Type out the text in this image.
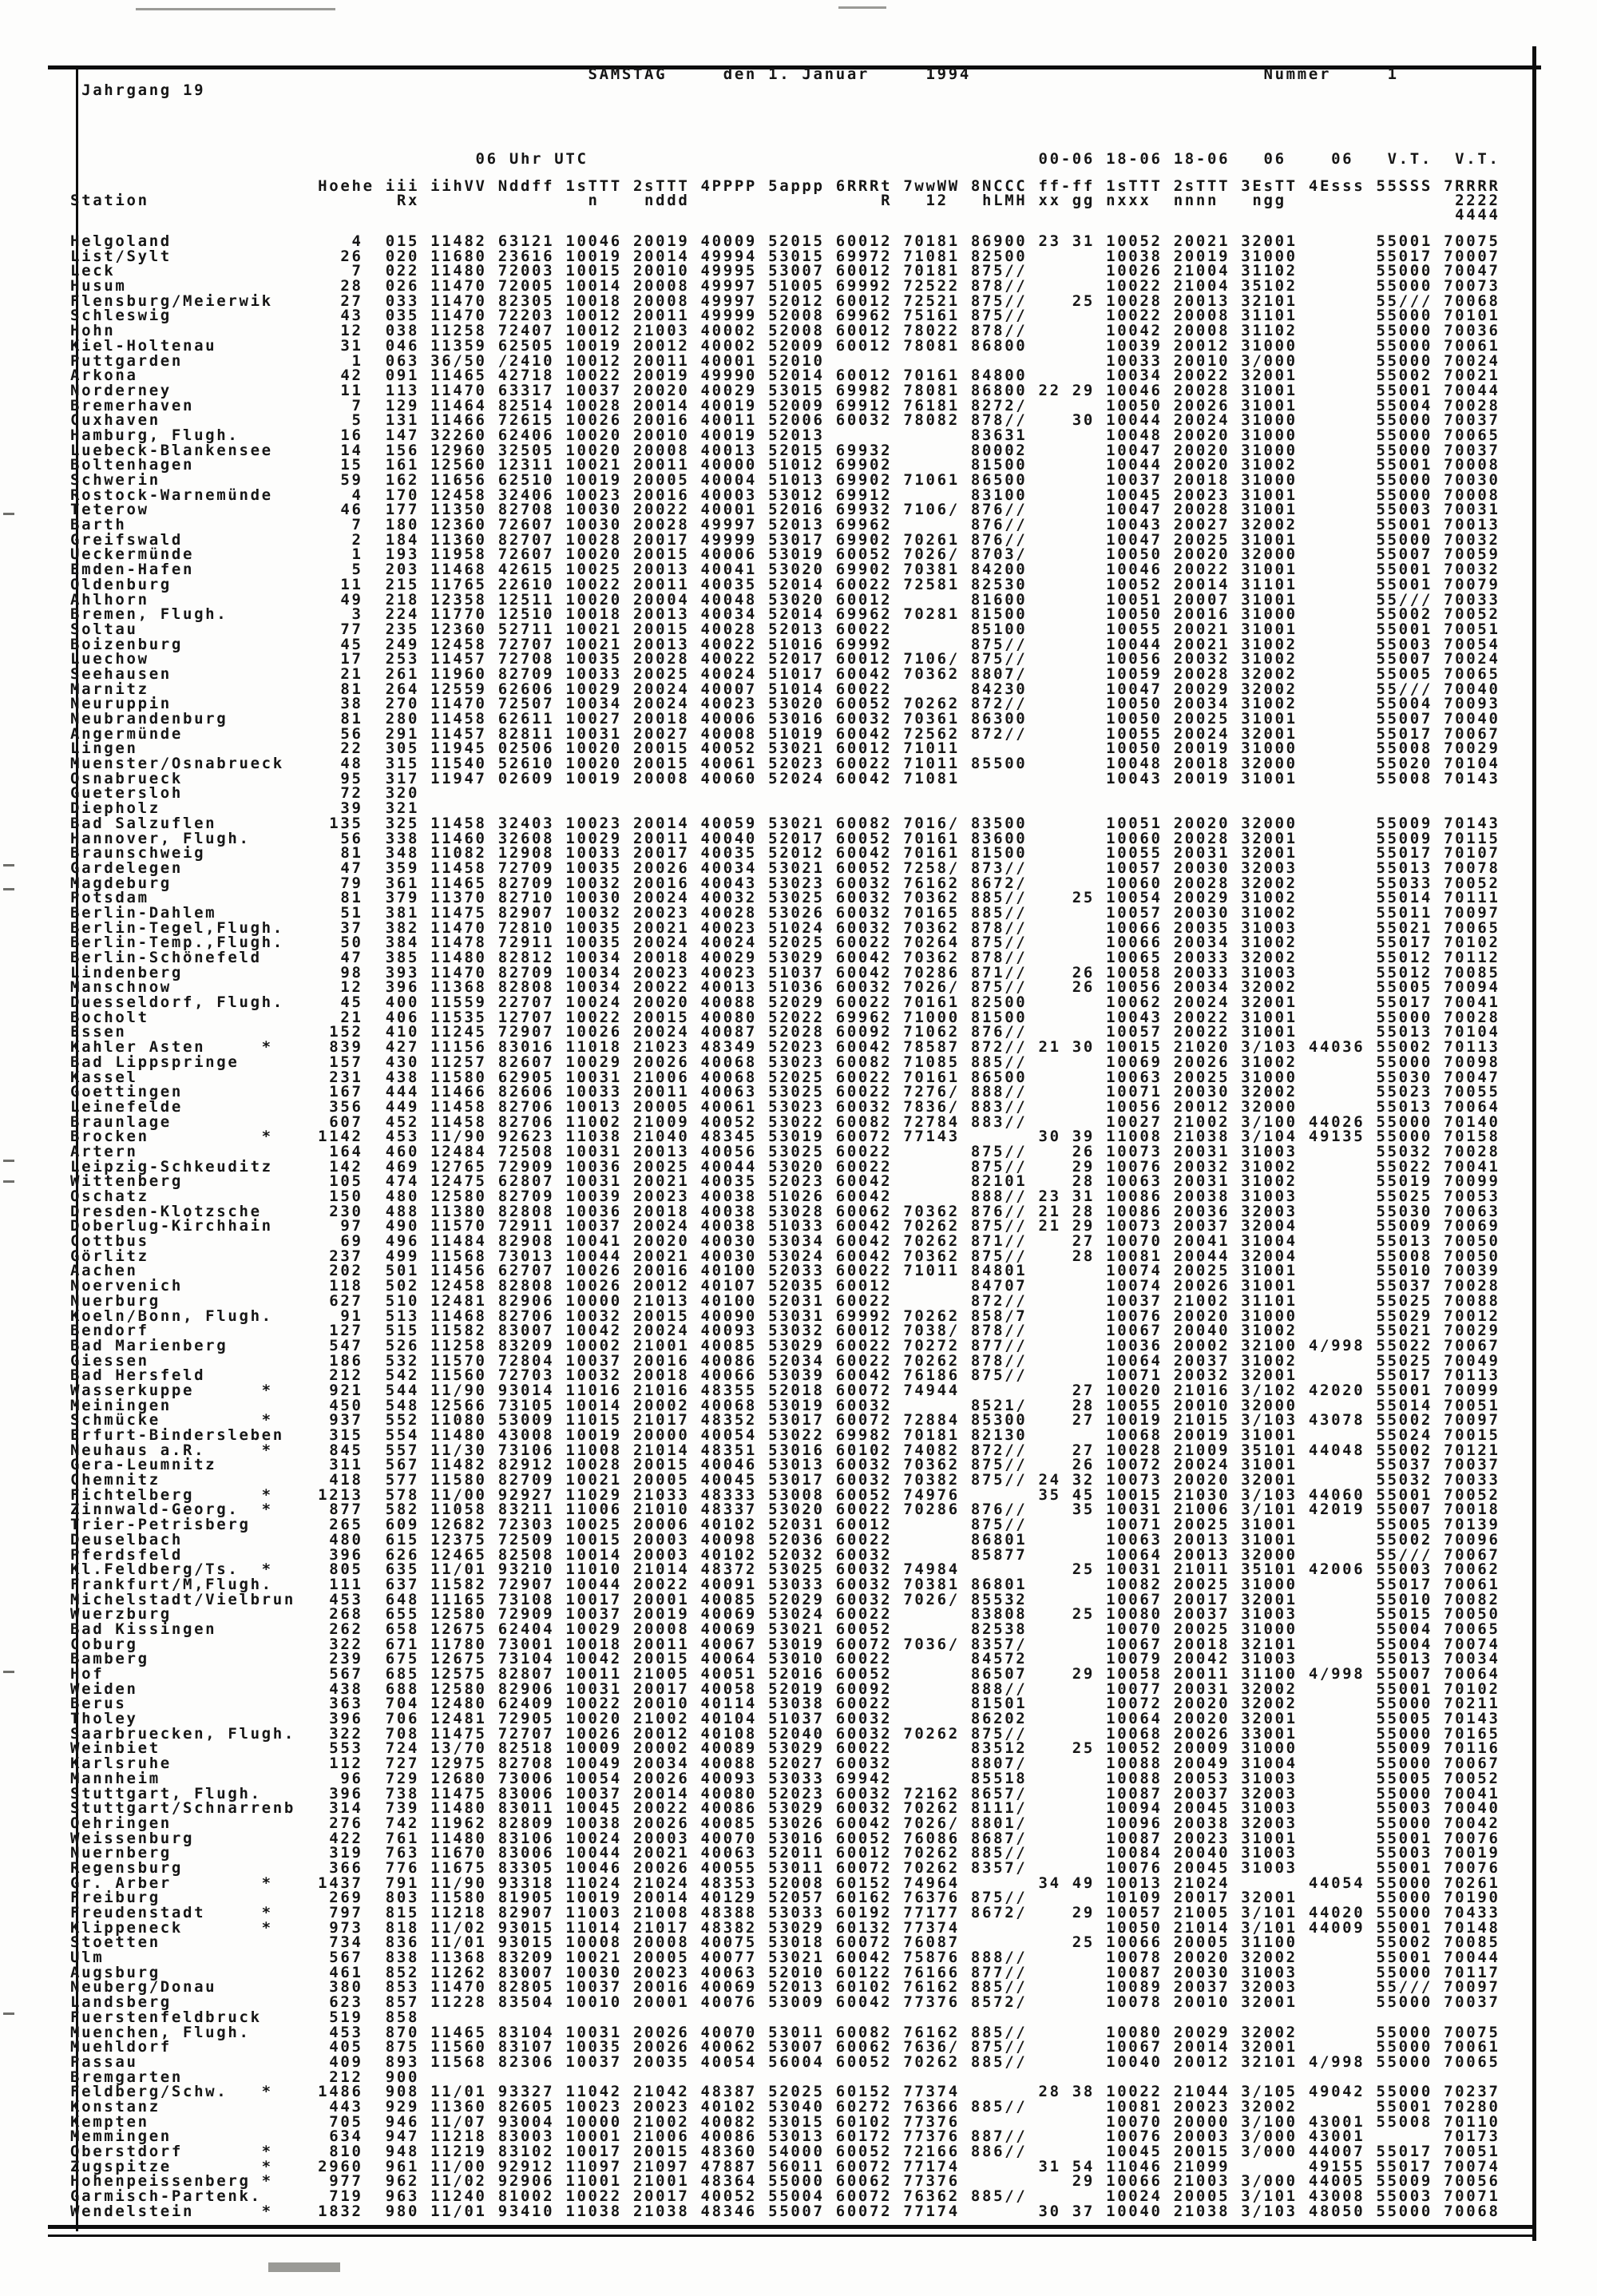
SAMSTAG     den 1. Januar     1994                          Nummer     1
Jahrgang 19
06 Uhr UTC                                        00-06 18-06 18-06   06    06   V.T.  V.T.
Hoehe iii iihVV Nddff 1sTTT 2sTTT 4PPPP 5appp 6RRRt 7wwWW 8NCCC ff-ff 1sTTT 2sTTT 3EsTT 4Esss 55SSS 7RRRR
Station                      Rx               n    nddd                 R   12   hLMH xx gg nxxx  nnnn   ngg               2222
4444
Helgoland                4  015 11482 63121 10046 20019 40009 52015 60012 70181 86900 23 31 10052 20021 32001       55001 70075
List/Sylt               26  020 11680 23616 10019 20014 49994 53015 69972 71081 82500       10038 20019 31000       55017 70007
Leck                     7  022 11480 72003 10015 20010 49995 53007 60012 70181 875//       10026 21004 31102       55000 70047
Husum                   28  026 11470 72005 10014 20008 49997 51005 69992 72522 878//       10022 21004 35102       55000 70073
Flensburg/Meierwik      27  033 11470 82305 10018 20008 49997 52012 60012 72521 875//    25 10028 20013 32101       55/// 70068
Schleswig               43  035 11470 72203 10012 20011 49999 52008 69962 75161 875//       10022 20008 31101       55000 70101
Hohn                    12  038 11258 72407 10012 21003 40002 52008 60012 78022 878//       10042 20008 31102       55000 70036
Kiel-Holtenau           31  046 11359 62505 10019 20012 40002 52009 60012 78081 86800       10039 20012 31000       55000 70061
Puttgarden               1  063 36/50 /2410 10012 20011 40001 52010                         10033 20010 3/000       55000 70024
Arkona                  42  091 11465 42718 10022 20019 49990 52014 60012 70161 84800       10034 20022 32001       55002 70021
Norderney               11  113 11470 63317 10037 20020 40029 53015 69982 78081 86800 22 29 10046 20028 31001       55001 70044
Bremerhaven              7  129 11464 82514 10028 20014 40019 52009 69912 76181 8272/       10050 20026 31001       55004 70028
Cuxhaven                 5  131 11466 72615 10026 20016 40011 52006 60032 78082 878//    30 10044 20024 31000       55000 70037
Hamburg, Flugh.         16  147 32260 62406 10020 20010 40019 52013             83631       10048 20020 31000       55000 70065
Luebeck-Blankensee      14  156 12960 32505 10020 20008 40013 52015 69932       80002       10047 20020 31000       55000 70037
Boltenhagen             15  161 12560 12311 10021 20011 40000 51012 69902       81500       10044 20020 31002       55001 70008
Schwerin                59  162 11656 62510 10019 20005 40004 51013 69902 71061 86500       10037 20018 31000       55000 70030
Rostock-Warnemünde       4  170 12458 32406 10023 20016 40003 53012 69912       83100       10045 20023 31001       55000 70008
Teterow                 46  177 11350 82708 10030 20022 40001 52016 69932 7106/ 876//       10047 20028 31001       55003 70031
Barth                    7  180 12360 72607 10030 20028 49997 52013 69962       876//       10043 20027 32002       55001 70013
Greifswald               2  184 11360 82707 10028 20017 49999 53017 69902 70261 876//       10047 20025 31001       55000 70032
Ueckermünde              1  193 11958 72607 10020 20015 40006 53019 60052 7026/ 8703/       10050 20020 32000       55007 70059
Emden-Hafen              5  203 11468 42615 10025 20013 40041 53020 69902 70381 84200       10046 20022 31001       55001 70032
Oldenburg               11  215 11765 22610 10022 20011 40035 52014 60022 72581 82530       10052 20014 31101       55001 70079
Ahlhorn                 49  218 12358 12511 10020 20004 40048 53020 60012       81600       10051 20007 31001       55/// 70033
Bremen, Flugh.           3  224 11770 12510 10018 20013 40034 52014 69962 70281 81500       10050 20016 31000       55002 70052
Soltau                  77  235 12360 52711 10021 20015 40028 52013 60022       85100       10055 20021 31001       55001 70051
Boizenburg              45  249 12458 72707 10021 20013 40022 51016 69992       875//       10044 20021 31002       55003 70054
Luechow                 17  253 11457 72708 10035 20028 40022 52017 60012 7106/ 875//       10056 20032 31002       55007 70024
Seehausen               21  261 11960 82709 10033 20025 40024 51017 60042 70362 8807/       10059 20028 32002       55005 70065
Marnitz                 81  264 12559 62606 10029 20024 40007 51014 60022       84230       10047 20029 32002       55/// 70040
Neuruppin               38  270 11470 72507 10034 20024 40023 53020 60052 70262 872//       10050 20034 31002       55004 70093
Neubrandenburg          81  280 11458 62611 10027 20018 40006 53016 60032 70361 86300       10050 20025 31001       55007 70040
Angermünde              56  291 11457 82811 10031 20027 40008 51019 60042 72562 872//       10055 20024 32001       55017 70067
Lingen                  22  305 11945 02506 10020 20015 40052 53021 60012 71011             10050 20019 31000       55008 70029
Muenster/Osnabrueck     48  315 11540 52610 10020 20015 40061 52023 60022 71011 85500       10048 20018 32000       55020 70104
Osnabrueck              95  317 11947 02609 10019 20008 40060 52024 60042 71081             10043 20019 31001       55008 70143
Guetersloh              72  320
Diepholz                39  321
Bad Salzuflen          135  325 11458 32403 10023 20014 40059 53021 60082 7016/ 83500       10051 20020 32000       55009 70143
Hannover, Flugh.        56  338 11460 32608 10029 20011 40040 52017 60052 70161 83600       10060 20028 32001       55009 70115
Braunschweig            81  348 11082 12908 10033 20017 40035 52012 60042 70161 81500       10055 20031 32001       55017 70107
Gardelegen              47  359 11458 72709 10035 20026 40034 53021 60052 7258/ 873//       10057 20030 32003       55013 70078
Magdeburg               79  361 11465 82709 10032 20016 40043 53023 60032 76162 8672/       10060 20028 32002       55033 70052
Potsdam                 81  379 11370 82710 10030 20024 40032 53025 60032 70362 885//    25 10054 20029 31002       55014 70111
Berlin-Dahlem           51  381 11475 82907 10032 20023 40028 53026 60032 70165 885//       10057 20030 31002       55011 70097
Berlin-Tegel,Flugh.     37  382 11470 72810 10035 20021 40023 51024 60032 70362 878//       10066 20035 31003       55021 70065
Berlin-Temp.,Flugh.     50  384 11478 72911 10035 20024 40024 52025 60022 70264 875//       10066 20034 31002       55017 70102
Berlin-Schönefeld       47  385 11480 82812 10034 20018 40029 53029 60042 70362 878//       10065 20033 32002       55012 70112
Lindenberg              98  393 11470 82709 10034 20023 40023 51037 60042 70286 871//    26 10058 20033 31003       55012 70085
Manschnow               12  396 11368 82808 10034 20022 40013 51036 60032 7026/ 875//    26 10056 20034 32002       55005 70094
Duesseldorf, Flugh.     45  400 11559 22707 10024 20020 40088 52029 60022 70161 82500       10062 20024 32001       55017 70041
Bocholt                 21  406 11535 12707 10022 20015 40080 52022 69962 71000 81500       10043 20022 31001       55000 70028
Essen                  152  410 11245 72907 10026 20024 40087 52028 60092 71062 876//       10057 20022 31001       55013 70104
Kahler Asten     *     839  427 11156 83016 11018 21023 48349 52023 60042 78587 872// 21 30 10015 21020 3/103 44036 55002 70113
Bad Lippspringe        157  430 11257 82607 10029 20026 40068 53023 60082 71085 885//       10069 20026 31002       55000 70098
Kassel                 231  438 11580 62905 10031 21006 40068 52025 60022 70161 86500       10063 20025 31000       55030 70047
Goettingen             167  444 11466 82606 10033 20011 40063 53025 60022 7276/ 888//       10071 20030 32002       55023 70055
Leinefelde             356  449 11458 82706 10013 20005 40061 53023 60032 7836/ 883//       10056 20012 32000       55013 70064
Braunlage              607  452 11458 82706 11002 21009 40052 53022 60082 72784 883//       10027 21002 3/100 44026 55000 70140
Brocken          *    1142  453 11/90 92623 11038 21040 48345 53019 60072 77143       30 39 11008 21038 3/104 49135 55000 70158
Artern                 164  460 12484 72508 10031 20013 40056 53025 60022       875//    26 10073 20031 31003       55032 70028
Leipzig-Schkeuditz     142  469 12765 72909 10036 20025 40044 53020 60022       875//    29 10076 20032 31002       55022 70041
Wittenberg             105  474 12475 62807 10031 20021 40035 52023 60042       82101    28 10063 20031 31002       55019 70099
Oschatz                150  480 12580 82709 10039 20023 40038 51026 60042       888// 23 31 10086 20038 31003       55025 70053
Dresden-Klotzsche      230  488 11380 82808 10036 20018 40038 53028 60062 70362 876// 21 28 10086 20036 32003       55030 70063
Doberlug-Kirchhain      97  490 11570 72911 10037 20024 40038 51033 60042 70262 875// 21 29 10073 20037 32004       55009 70069
Cottbus                 69  496 11484 82908 10041 20020 40030 53034 60042 70262 871//    27 10070 20041 31004       55013 70050
Görlitz                237  499 11568 73013 10044 20021 40030 53024 60042 70362 875//    28 10081 20044 32004       55008 70050
Aachen                 202  501 11456 62707 10026 20016 40100 52033 60022 71011 84801       10074 20025 31001       55010 70039
Noervenich             118  502 12458 82808 10026 20012 40107 52035 60012       84707       10074 20026 31001       55037 70028
Nuerburg               627  510 12481 82906 10000 21013 40100 52031 60022       872//       10037 21002 31101       55025 70088
Koeln/Bonn, Flugh.      91  513 11468 82706 10032 20015 40090 53031 69992 70262 858/7       10076 20020 31000       55029 70012
Bendorf                127  515 11582 83007 10042 20024 40093 53032 60012 7038/ 878//       10067 20040 31002       55021 70029
Bad Marienberg         547  526 11258 83209 10002 21001 40085 53029 60022 70272 877//       10036 20002 32100 4/998 55022 70067
Giessen                186  532 11570 72804 10037 20016 40086 52034 60022 70262 878//       10064 20037 31002       55025 70049
Bad Hersfeld           212  542 11560 72703 10032 20018 40066 53039 60042 76186 875//       10071 20032 32001       55017 70113
Wasserkuppe      *     921  544 11/90 93014 11016 21016 48355 52018 60072 74944          27 10020 21016 3/102 42020 55001 70099
Meiningen              450  548 12566 73105 10014 20002 40068 53019 60032       8521/    28 10055 20010 32000       55014 70051
Schmücke         *     937  552 11080 53009 11015 21017 48352 53017 60072 72884 85300    27 10019 21015 3/103 43078 55002 70097
Erfurt-Bindersleben    315  554 11480 43008 10019 20000 40054 53022 69982 70181 82130       10068 20019 31001       55024 70015
Neuhaus a.R.     *     845  557 11/30 73106 11008 21014 48351 53016 60102 74082 872//    27 10028 21009 35101 44048 55002 70121
Gera-Leumnitz          311  567 11482 82912 10028 20015 40046 53013 60032 70362 875//    26 10072 20024 31001       55037 70037
Chemnitz               418  577 11580 82709 10021 20005 40045 53017 60032 70382 875// 24 32 10073 20020 32001       55032 70033
Fichtelberg      *    1213  578 11/00 92927 11029 21033 48333 53008 60052 74976       35 45 10015 21030 3/103 44060 55001 70052
Zinnwald-Georg.  *     877  582 11058 83211 11006 21010 48337 53020 60022 70286 876//    35 10031 21006 3/101 42019 55007 70018
Trier-Petrisberg       265  609 12682 72303 10025 20006 40102 52031 60012       875//       10071 20025 31001       55005 70139
Deuselbach             480  615 12375 72509 10015 20003 40098 52036 60022       86801       10063 20013 31001       55002 70096
Pferdsfeld             396  626 12465 82508 10014 20003 40102 52032 60032       85877       10064 20013 32000       55/// 70067
Kl.Feldberg/Ts.  *     805  635 11/01 93210 11010 21014 48372 53025 60032 74984          25 10031 21011 35101 42006 55003 70062
Frankfurt/M,Flugh.     111  637 11582 72907 10044 20022 40091 53033 60032 70381 86801       10082 20025 31000       55017 70061
Michelstadt/Vielbrun   453  648 11165 73108 10017 20001 40085 52029 60032 7026/ 85532       10067 20017 32001       55010 70082
Wuerzburg              268  655 12580 72909 10037 20019 40069 53024 60022       83808    25 10080 20037 31003       55015 70050
Bad Kissingen          262  658 12675 62404 10029 20008 40069 53021 60052       82538       10070 20025 31000       55004 70065
Coburg                 322  671 11780 73001 10018 20011 40067 53019 60072 7036/ 8357/       10067 20018 32101       55004 70074
Bamberg                239  675 12675 73104 10042 20015 40064 53010 60022       84572       10079 20042 31003       55013 70034
Hof                    567  685 12575 82807 10011 21005 40051 52016 60052       86507    29 10058 20011 31100 4/998 55007 70064
Weiden                 438  688 12580 82906 10031 20017 40058 52019 60092       888//       10077 20031 32002       55001 70102
Berus                  363  704 12480 62409 10022 20010 40114 53038 60022       81501       10072 20020 32002       55000 70211
Tholey                 396  706 12481 72905 10020 21002 40104 51037 60032       86202       10064 20020 32001       55005 70143
Saarbruecken, Flugh.   322  708 11475 72707 10026 20012 40108 52040 60032 70262 875//       10068 20026 33001       55000 70165
Weinbiet               553  724 13/70 82518 10009 20002 40089 53029 60022       83512    25 10052 20009 31000       55009 70116
Karlsruhe              112  727 12975 82708 10049 20034 40088 52027 60032       8807/       10088 20049 31004       55000 70067
Mannheim                96  729 12680 73006 10054 20026 40093 53033 69942       85518       10088 20053 31003       55005 70052
Stuttgart, Flugh.      396  738 11475 83006 10037 20014 40080 52023 60032 72162 8657/       10087 20037 32003       55000 70041
Stuttgart/Schnarrenb   314  739 11480 83011 10045 20022 40086 53029 60032 70262 8111/       10094 20045 31003       55003 70040
Oehringen              276  742 11962 82809 10038 20026 40085 53026 60042 7026/ 8801/       10096 20038 32003       55000 70042
Weissenburg            422  761 11480 83106 10024 20003 40070 53016 60052 76086 8687/       10087 20023 31001       55001 70076
Nuernberg              319  763 11670 83006 10044 20021 40063 52011 60012 70262 885//       10084 20040 31003       55003 70019
Regensburg             366  776 11675 83305 10046 20026 40055 53011 60072 70262 8357/       10076 20045 31003       55001 70076
Gr. Arber        *    1437  791 11/90 93318 11024 21024 48353 52008 60152 74964       34 49 10013 21024       44054 55000 70261
Freiburg               269  803 11580 81905 10019 20014 40129 52057 60162 76376 875//       10109 20017 32001       55000 70190
Freudenstadt     *     797  815 11218 82907 11003 21008 48388 53033 60192 77177 8672/    29 10057 21005 3/101 44020 55000 70433
Klippeneck       *     973  818 11/02 93015 11014 21017 48382 53029 60132 77374             10050 21014 3/101 44009 55001 70148
Stoetten               734  836 11/01 93015 10008 20008 40075 53018 60072 76087          25 10066 20005 31100       55002 70085
Ulm                    567  838 11368 83209 10021 20005 40077 53021 60042 75876 888//       10078 20020 32002       55001 70044
Augsburg               461  852 11262 83007 10030 20023 40063 52010 60122 76166 877//       10087 20030 31003       55000 70117
Neuberg/Donau          380  853 11470 82805 10037 20016 40069 52013 60102 76162 885//       10089 20037 32003       55/// 70097
Landsberg              623  857 11228 83504 10010 20001 40076 53009 60042 77376 8572/       10078 20010 32001       55000 70037
Fuerstenfeldbruck      519  858
Muenchen, Flugh.       453  870 11465 83104 10031 20026 40070 53011 60082 76162 885//       10080 20029 32002       55000 70075
Muehldorf              405  875 11560 83107 10035 20026 40062 53007 60062 7636/ 875//       10067 20014 32001       55000 70061
Passau                 409  893 11568 82306 10037 20035 40054 56004 60052 70262 885//       10040 20012 32101 4/998 55000 70065
Bremgarten             212  900
Feldberg/Schw.   *    1486  908 11/01 93327 11042 21042 48387 52025 60152 77374       28 38 10022 21044 3/105 49042 55000 70237
Konstanz               443  929 11360 82605 10023 20023 40102 53040 60272 76366 885//       10081 20023 32002       55001 70280
Kempten                705  946 11/07 93004 10000 21002 40082 53015 60102 77376             10070 20000 3/100 43001 55008 70110
Memmingen              634  947 11218 83003 10001 21006 40086 53013 60172 77376 887//       10076 20003 3/000 43001       70173
Oberstdorf       *     810  948 11219 83102 10017 20015 48360 54000 60052 72166 886//       10045 20015 3/000 44007 55017 70051
Zugspitze        *    2960  961 11/00 92912 11097 21097 47887 56011 60072 77174       31 54 11046 21099       49155 55017 70074
Hohenpeissenberg *     977  962 11/02 92906 11001 21001 48364 55000 60062 77376          29 10066 21003 3/000 44005 55009 70056
Garmisch-Partenk.      719  963 11240 81002 10022 20017 40052 55004 60072 76362 885//       10024 20005 3/101 43008 55003 70071
Wendelstein      *    1832  980 11/01 93410 11038 21038 48346 55007 60072 77174       30 37 10040 21038 3/103 48050 55000 70068
